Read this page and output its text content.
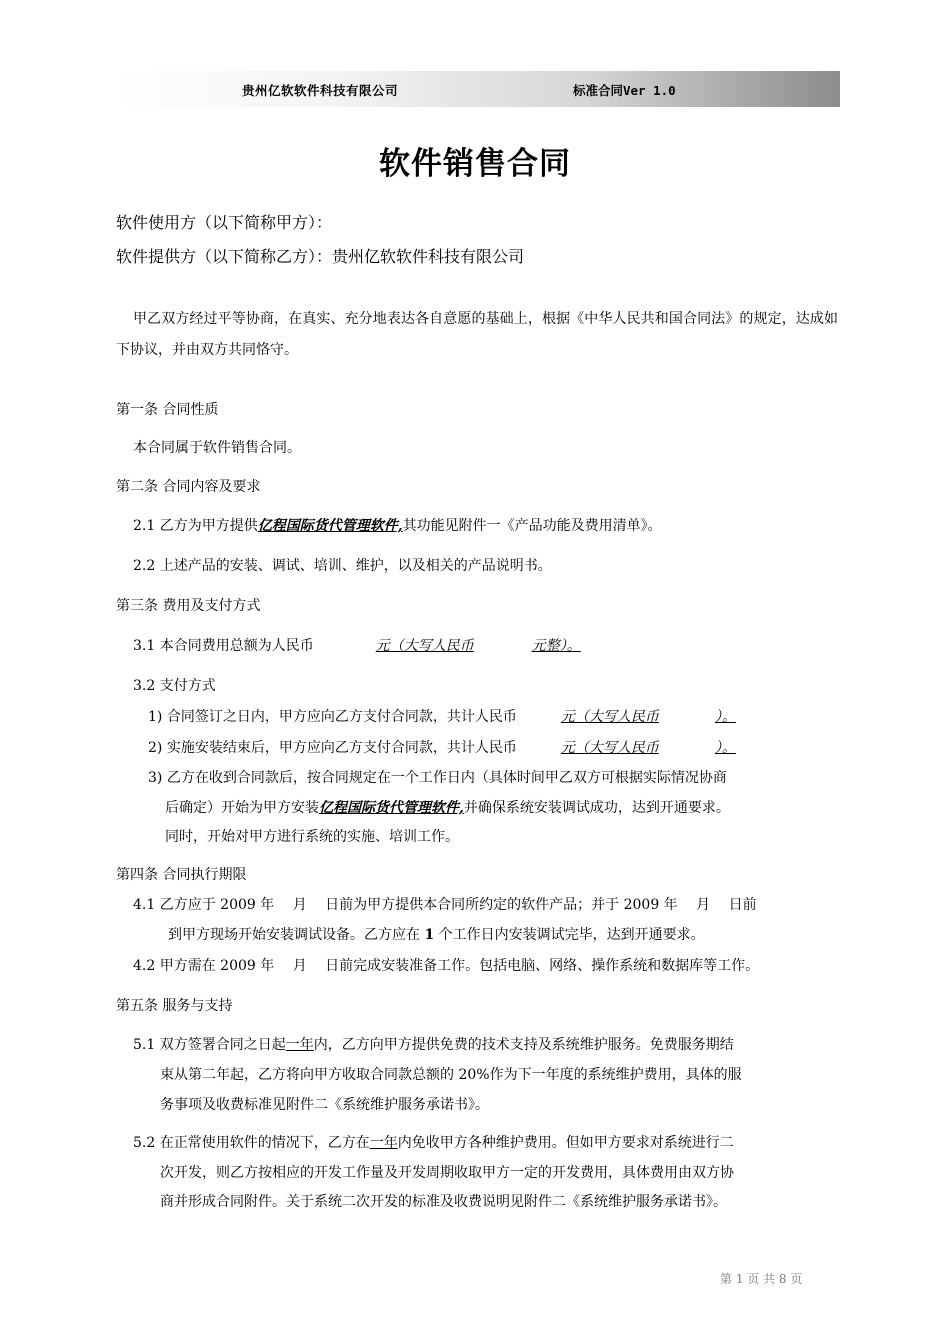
贵州亿软软件科技有限公司	标准合同Ver 1.0
软件销售合同
软件使用方（以下简称甲方）：
软件提供方（以下简称乙方）：贵州亿软软件科技有限公司
甲乙双方经过平等协商，在真实、充分地表达各自意愿的基础上，根据《中华人民共和国合同法》的规定，达成如下协议，并由双方共同恪守。
第一条 合同性质
本合同属于软件销售合同。
第二条 合同内容及要求
2.1 乙方为甲方提供亿程国际货代管理软件,其功能见附件一《产品功能及费用清单》。
2.2 上述产品的安装、调试、培训、维护，以及相关的产品说明书。
第三条 费用及支付方式
3.1 本合同费用总额为人民币	元（大写人民币	元整）。
3.2 支付方式
1) 合同签订之日内，甲方应向乙方支付合同款，共计人民币	元（大写人民币	）。
2) 实施安装结束后，甲方应向乙方支付合同款，共计人民币	元（大写人民币	）。
3) 乙方在收到合同款后，按合同规定在一个工作日内（具体时间甲乙双方可根据实际情况协商
后确定）开始为甲方安装亿程国际货代管理软件,并确保系统安装调试成功，达到开通要求。
同时，开始对甲方进行系统的实施、培训工作。
第四条 合同执行期限
4.1 乙方应于 2009 年　 月　 日前为甲方提供本合同所约定的软件产品；并于 2009 年　 月　 日前
到甲方现场开始安装调试设备。乙方应在 1 个工作日内安装调试完毕，达到开通要求。
4.2 甲方需在 2009 年　 月　 日前完成安装准备工作。包括电脑、网络、操作系统和数据库等工作。
第五条 服务与支持
5.1 双方签署合同之日起一年内，乙方向甲方提供免费的技术支持及系统维护服务。免费服务期结
束从第二年起，乙方将向甲方收取合同款总额的 20%作为下一年度的系统维护费用，具体的服
务事项及收费标准见附件二《系统维护服务承诺书》。
5.2 在正常使用软件的情况下，乙方在一年内免收甲方各种维护费用。但如甲方要求对系统进行二
次开发，则乙方按相应的开发工作量及开发周期收取甲方一定的开发费用，具体费用由双方协
商并形成合同附件。关于系统二次开发的标准及收费说明见附件二《系统维护服务承诺书》。
第 1 页 共 8 页
